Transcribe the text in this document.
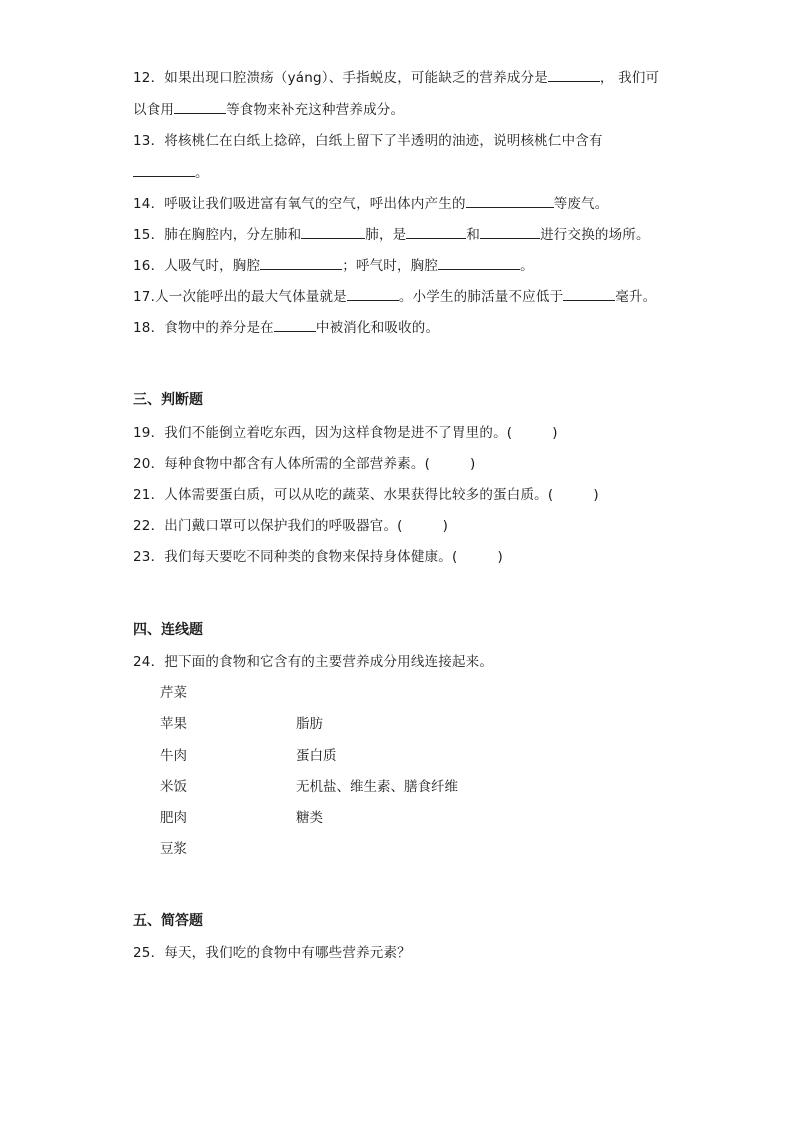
12．如果出现口腔溃疡（yáng）、手指蜕皮，可能缺乏的营养成分是	， 我们可
以食用	等食物来补充这种营养成分。
13．将核桃仁在白纸上捻碎，白纸上留下了半透明的油迹，说明核桃仁中含有
。
14．呼吸让我们吸进富有氧气的空气，呼出体内产生的	等废气。
15．肺在胸腔内，分左肺和	肺，是	和	进行交换的场所。
16．人吸气时，胸腔	；呼气时，胸腔	。
17.人一次能呼出的最大气体量就是	。小学生的肺活量不应低于	毫升。
18．食物中的养分是在	中被消化和吸收的。
三、判断题
19．我们不能倒立着吃东西，因为这样食物是进不了胃里的。(	)
20．每种食物中都含有人体所需的全部营养素。(	)
21．人体需要蛋白质，可以从吃的蔬菜、水果获得比较多的蛋白质。(	)
22．出门戴口罩可以保护我们的呼吸器官。(	)
23．我们每天要吃不同种类的食物来保持身体健康。(	)
四、连线题
24．把下面的食物和它含有的主要营养成分用线连接起来。
芹菜
苹果
牛肉
米饭
肥肉
豆浆
脂肪
蛋白质
无机盐、维生素、膳食纤维
糖类
五、简答题
25．每天，我们吃的食物中有哪些营养元素？
